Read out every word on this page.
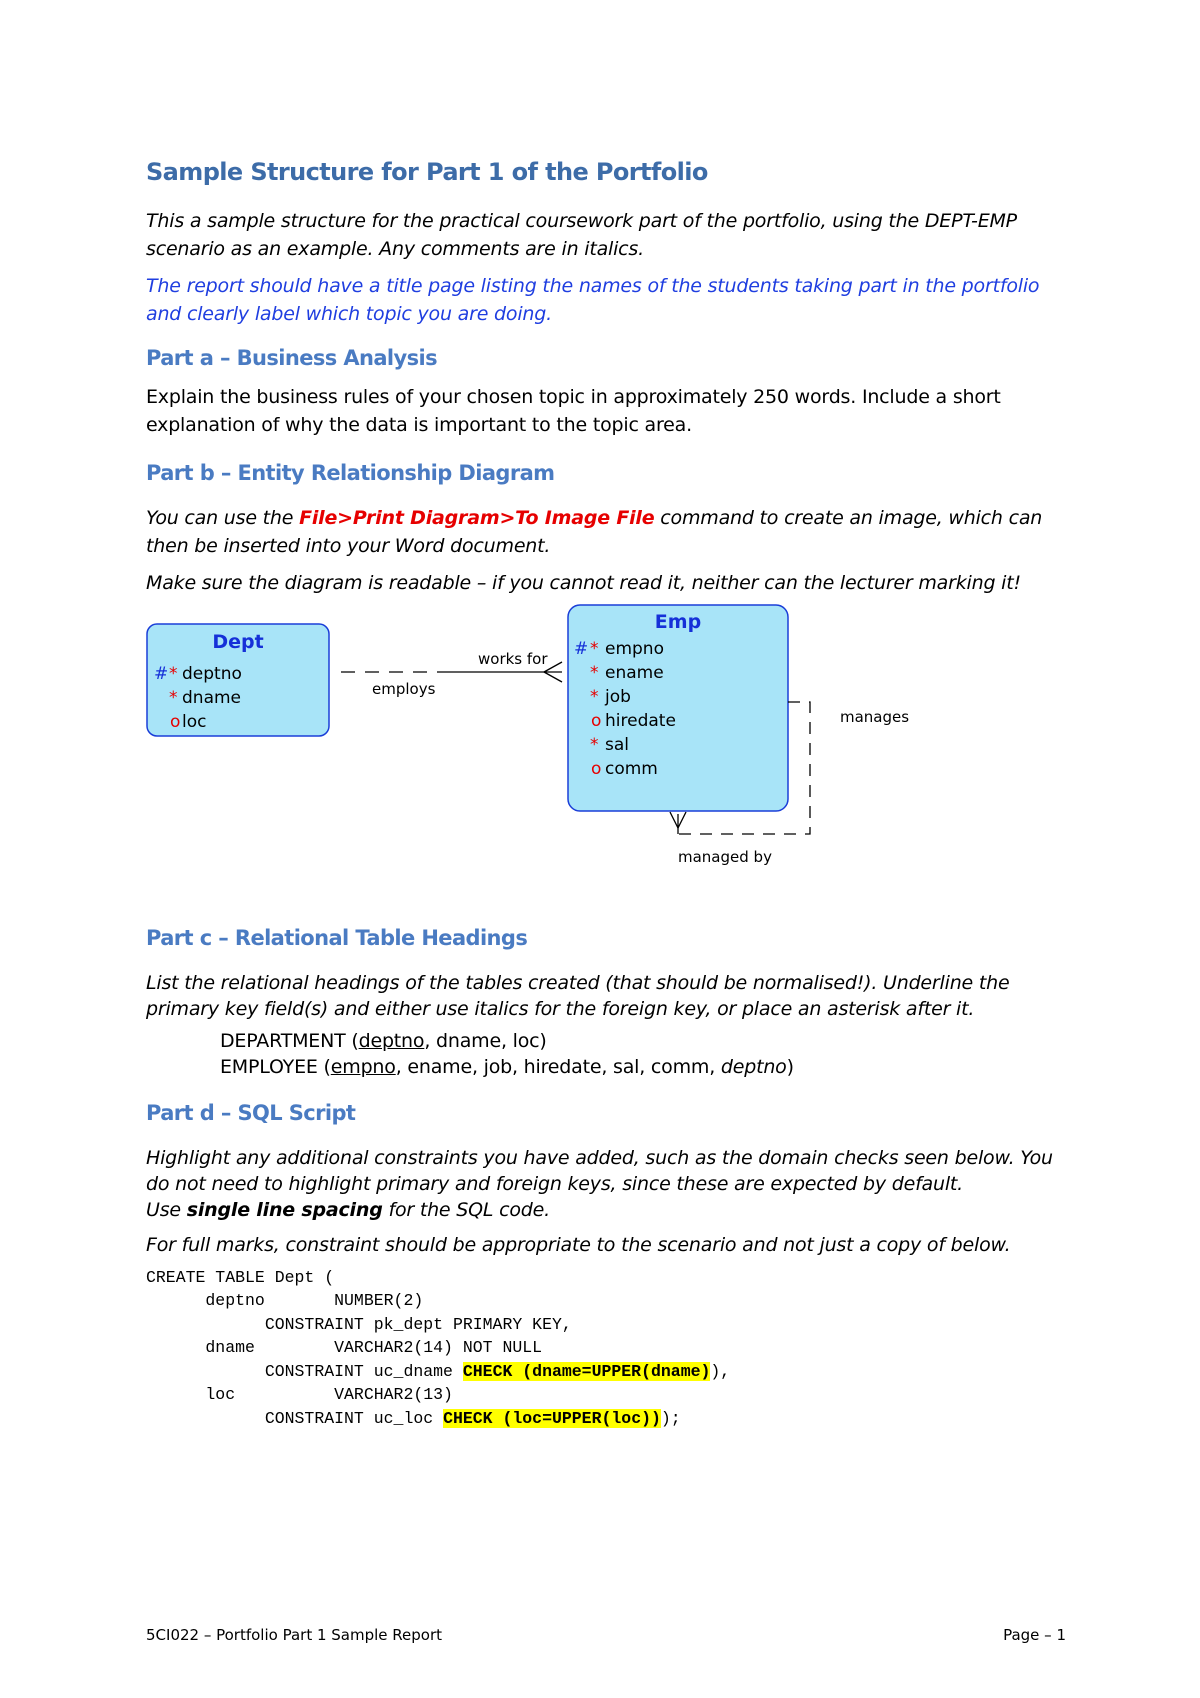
Sample Structure for Part 1 of the Portfolio

This a sample structure for the practical coursework part of the portfolio, using the DEPT-EMP scenario as an example. Any comments are in italics.

The report should have a title page listing the names of the students taking part in the portfolio and clearly label which topic you are doing.

Part a – Business Analysis

Explain the business rules of your chosen topic in approximately 250 words. Include a short explanation of why the data is important to the topic area.

Part b – Entity Relationship Diagram

You can use the File>Print Diagram>To Image File command to create an image, which can then be inserted into your Word document.

Make sure the diagram is readable – if you cannot read it, neither can the lecturer marking it!

Dept
# * deptno
* dname
o loc
works for
employs
Emp
# * empno
* ename
* job
o hiredate
* sal
o comm
manages
managed by
Part c – Relational Table Headings

List the relational headings of the tables created (that should be normalised!). Underline the primary key field(s) and either use italics for the foreign key, or place an asterisk after it.

DEPARTMENT (deptno, dname, loc)
EMPLOYEE (empno, ename, job, hiredate, sal, comm, deptno)
Part d – SQL Script

Highlight any additional constraints you have added, such as the domain checks seen below. You do not need to highlight primary and foreign keys, since these are expected by default.

Use single line spacing for the SQL code.

For full marks, constraint should be appropriate to the scenario and not just a copy of below.

CREATE TABLE Dept (
deptno       NUMBER(2)
CONSTRAINT pk_dept PRIMARY KEY,
dname        VARCHAR2(14) NOT NULL
CONSTRAINT uc_dname CHECK (dname=UPPER(dname)),
loc          VARCHAR2(13)
CONSTRAINT uc_loc CHECK (loc=UPPER(loc)));
5CI022 – Portfolio Part 1 Sample Report	Page – 1
